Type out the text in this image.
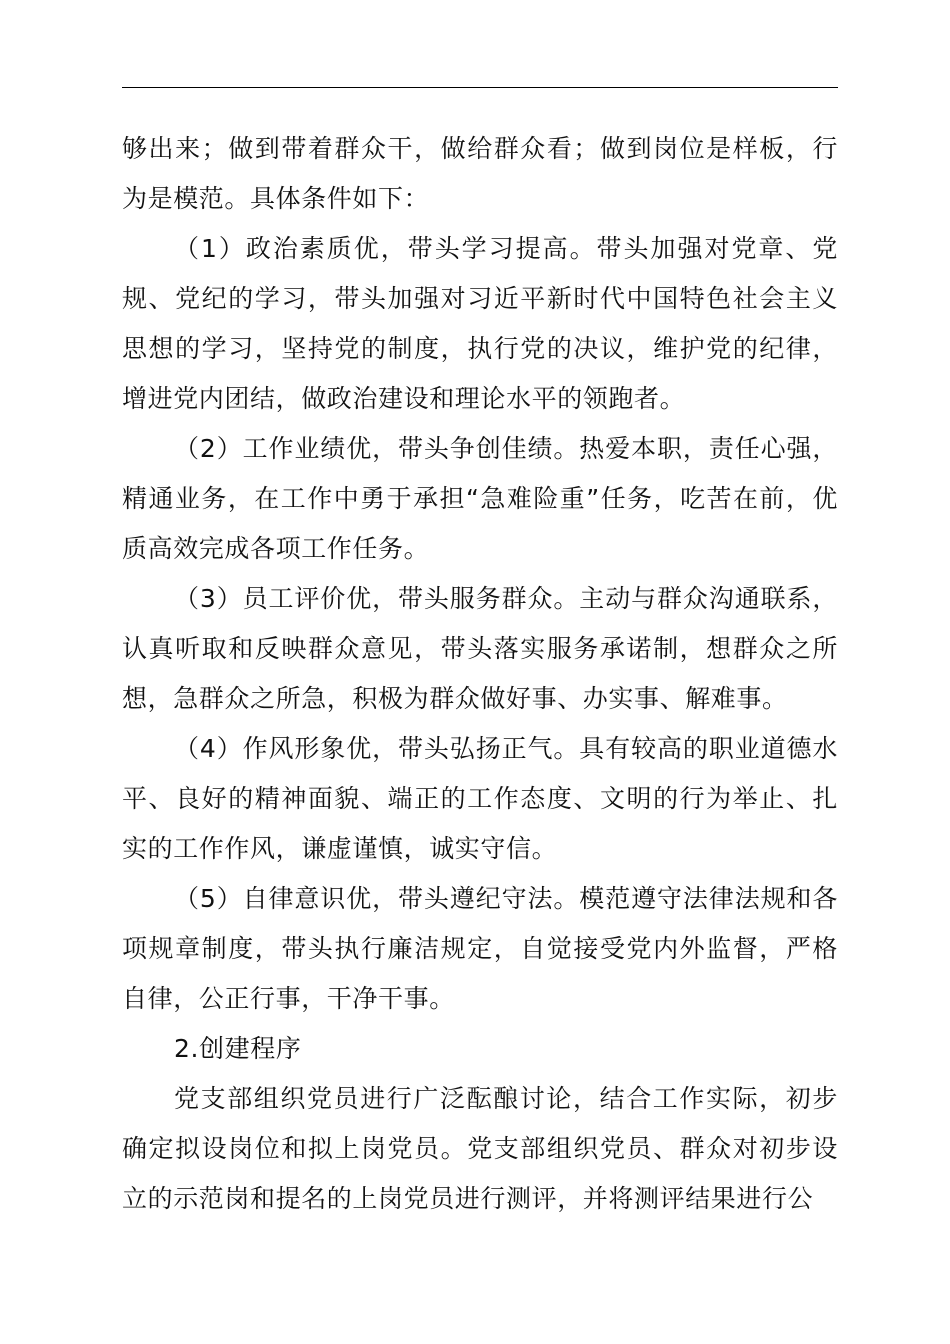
够出来；做到带着群众干，做给群众看；做到岗位是样板，行为是模范。具体条件如下：

（1）政治素质优，带头学习提高。带头加强对党章、党规、党纪的学习，带头加强对习近平新时代中国特色社会主义思想的学习，坚持党的制度，执行党的决议，维护党的纪律，增进党内团结，做政治建设和理论水平的领跑者。

（2）工作业绩优，带头争创佳绩。热爱本职，责任心强，精通业务，在工作中勇于承担“急难险重”任务，吃苦在前，优质高效完成各项工作任务。

（3）员工评价优，带头服务群众。主动与群众沟通联系，认真听取和反映群众意见，带头落实服务承诺制，想群众之所想，急群众之所急，积极为群众做好事、办实事、解难事。

（4）作风形象优，带头弘扬正气。具有较高的职业道德水平、良好的精神面貌、端正的工作态度、文明的行为举止、扎实的工作作风，谦虚谨慎，诚实守信。

（5）自律意识优，带头遵纪守法。模范遵守法律法规和各项规章制度，带头执行廉洁规定，自觉接受党内外监督，严格自律，公正行事，干净干事。

2.创建程序

党支部组织党员进行广泛酝酿讨论，结合工作实际，初步确定拟设岗位和拟上岗党员。党支部组织党员、群众对初步设立的示范岗和提名的上岗党员进行测评，并将测评结果进行公
